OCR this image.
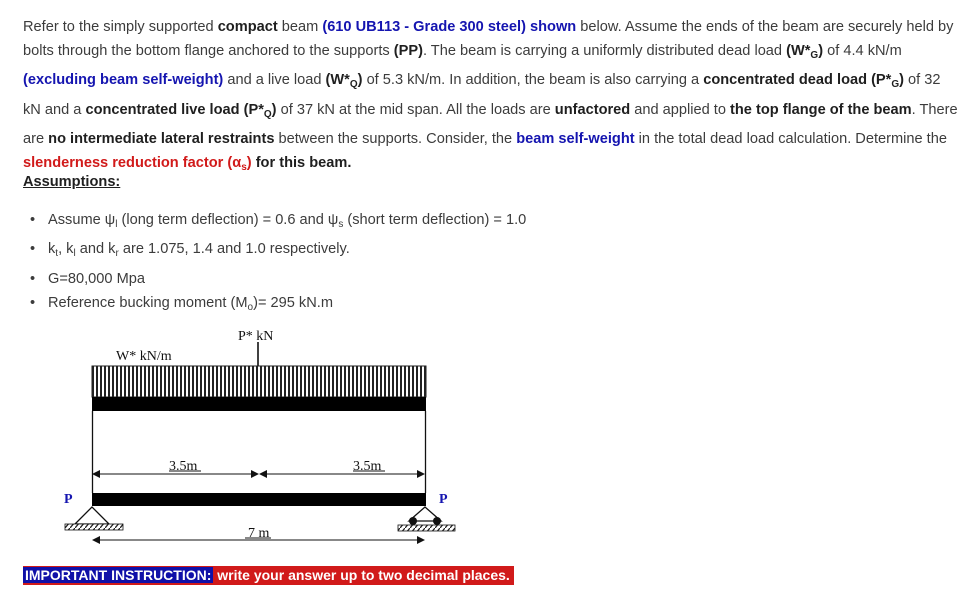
Refer to the simply supported compact beam (610 UB113 - Grade 300 steel) shown below. Assume the ends of the beam are securely held by bolts through the bottom flange anchored to the supports (PP). The beam is carrying a uniformly distributed dead load $(W*_G)$ of 4.4 kN/m (excluding beam self-weight) and a live load $(W*_Q)$ of 5.3 kN/m. In addition, the beam is also carrying a concentrated dead load $(P*_G)$ of 32 kN and a concentrated live load $(P*_Q)$ of 37 kN at the mid span. All the loads are unfactored and applied to the top flange of the beam. There are no intermediate lateral restraints between the supports. Consider, the beam self-weight in the total dead load calculation. Determine the slenderness reduction factor $(\alpha_s)$ for this beam.
Assumptions:
• Assume $\psi_l$ (long term deflection) = 0.6 and $\psi_s$ (short term deflection) = 1.0
• $k_t$, $k_l$ and $k_r$ are 1.075, 1.4 and 1.0 respectively.
• G=80,000 Mpa
• Reference bucking moment $(M_o)= 295$ kN.m
P* kN
W* kN/m
3.5m	3.5m
P	P
7 m
IMPORTANT INSTRUCTION: write your answer up to two decimal places.
